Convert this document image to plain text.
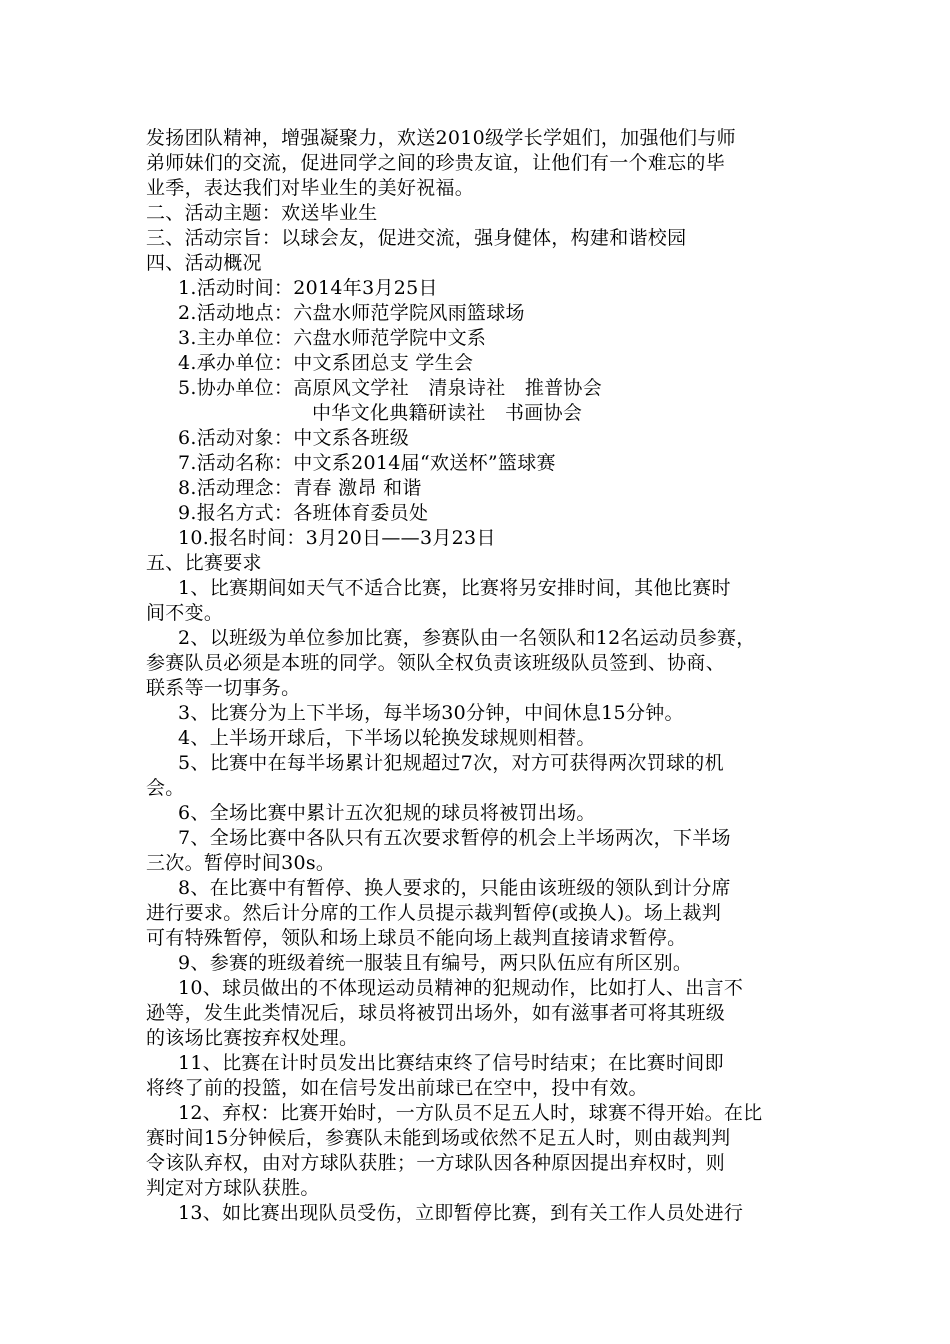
发扬团队精神，增强凝聚力，欢送2010级学长学姐们，加强他们与师
弟师妹们的交流，促进同学之间的珍贵友谊，让他们有一个难忘的毕
业季，表达我们对毕业生的美好祝福。
二、活动主题：欢送毕业生
三、活动宗旨：以球会友，促进交流，强身健体，构建和谐校园
四、活动概况
1.活动时间：2014年3月25日
2.活动地点：六盘水师范学院风雨篮球场
3.主办单位：六盘水师范学院中文系
4.承办单位：中文系团总支 学生会
5.协办单位：高原风文学社　清泉诗社　推普协会
中华文化典籍研读社　书画协会
6.活动对象：中文系各班级
7.活动名称：中文系2014届“欢送杯”篮球赛
8.活动理念：青春 激昂 和谐
9.报名方式：各班体育委员处
10.报名时间：3月20日——3月23日
五、比赛要求
1、比赛期间如天气不适合比赛，比赛将另安排时间，其他比赛时
间不变。
2、以班级为单位参加比赛，参赛队由一名领队和12名运动员参赛，
参赛队员必须是本班的同学。领队全权负责该班级队员签到、协商、
联系等一切事务。
3、比赛分为上下半场，每半场30分钟，中间休息15分钟。
4、上半场开球后，下半场以轮换发球规则相替。
5、比赛中在每半场累计犯规超过7次，对方可获得两次罚球的机
会。
6、全场比赛中累计五次犯规的球员将被罚出场。
7、全场比赛中各队只有五次要求暂停的机会上半场两次，下半场
三次。暂停时间30s。
8、在比赛中有暂停、换人要求的，只能由该班级的领队到计分席
进行要求。然后计分席的工作人员提示裁判暂停(或换人)。场上裁判
可有特殊暂停，领队和场上球员不能向场上裁判直接请求暂停。
9、参赛的班级着统一服装且有编号，两只队伍应有所区别。
10、球员做出的不体现运动员精神的犯规动作，比如打人、出言不
逊等，发生此类情况后，球员将被罚出场外，如有滋事者可将其班级
的该场比赛按弃权处理。
11、比赛在计时员发出比赛结束终了信号时结束；在比赛时间即
将终了前的投篮，如在信号发出前球已在空中，投中有效。
12、弃权：比赛开始时，一方队员不足五人时，球赛不得开始。在比
赛时间15分钟候后，参赛队未能到场或依然不足五人时，则由裁判判
令该队弃权，由对方球队获胜；一方球队因各种原因提出弃权时，则
判定对方球队获胜。
13、如比赛出现队员受伤，立即暂停比赛，到有关工作人员处进行
